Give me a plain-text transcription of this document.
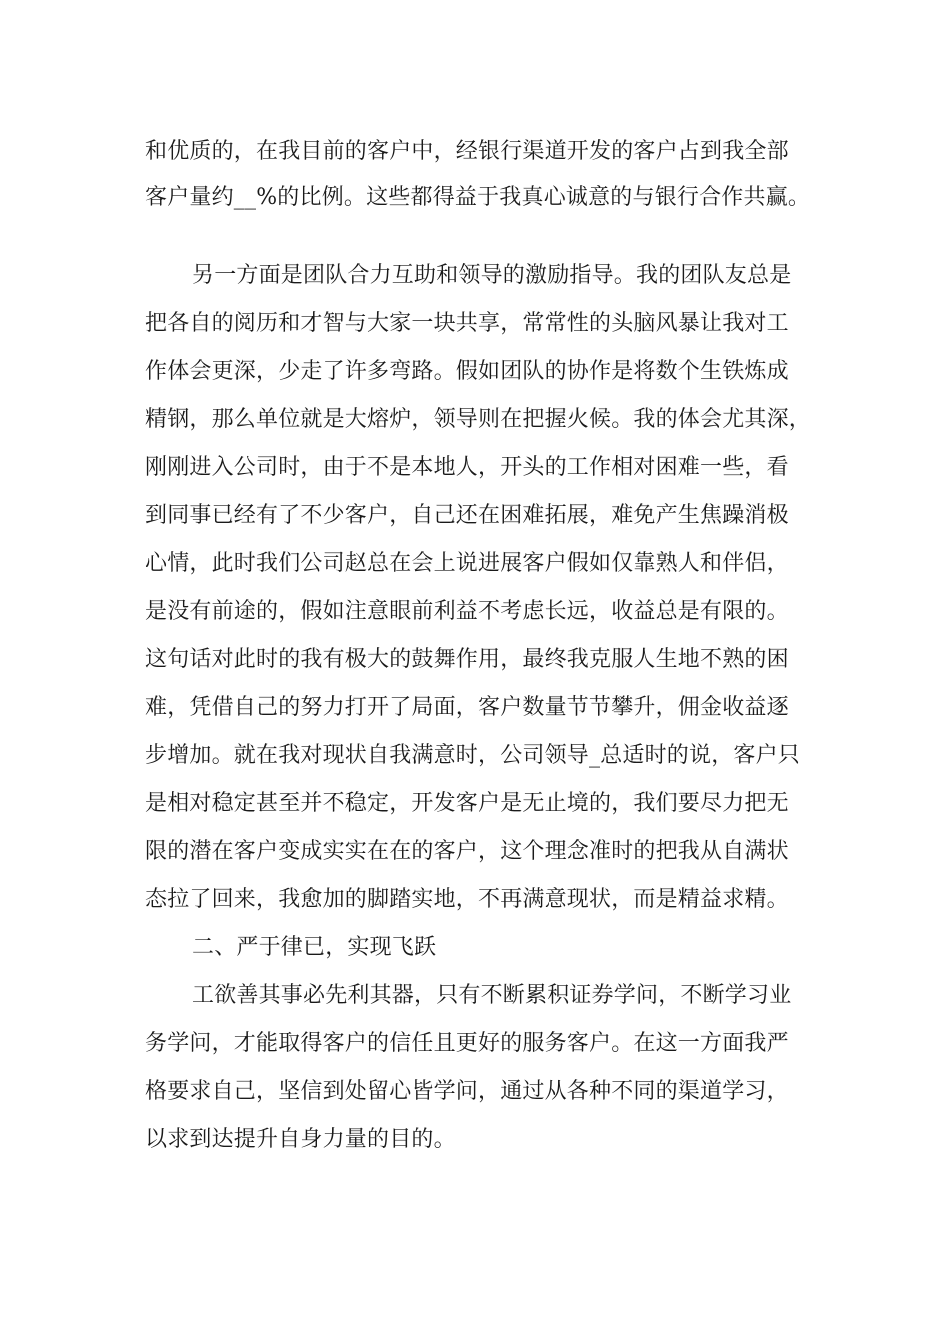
和优质的，在我目前的客户中，经银行渠道开发的客户占到我全部
客户量约__%的比例。这些都得益于我真心诚意的与银行合作共赢。
另一方面是团队合力互助和领导的激励指导。我的团队友总是
把各自的阅历和才智与大家一块共享，常常性的头脑风暴让我对工
作体会更深，少走了许多弯路。假如团队的协作是将数个生铁炼成
精钢，那么单位就是大熔炉，领导则在把握火候。我的体会尤其深，
刚刚进入公司时，由于不是本地人，开头的工作相对困难一些，看
到同事已经有了不少客户，自己还在困难拓展，难免产生焦躁消极
心情，此时我们公司赵总在会上说进展客户假如仅靠熟人和伴侣，
是没有前途的，假如注意眼前利益不考虑长远，收益总是有限的。
这句话对此时的我有极大的鼓舞作用，最终我克服人生地不熟的困
难，凭借自己的努力打开了局面，客户数量节节攀升，佣金收益逐
步增加。就在我对现状自我满意时，公司领导_总适时的说，客户只
是相对稳定甚至并不稳定，开发客户是无止境的，我们要尽力把无
限的潜在客户变成实实在在的客户，这个理念准时的把我从自满状
态拉了回来，我愈加的脚踏实地，不再满意现状，而是精益求精。
二、严于律已，实现飞跃
工欲善其事必先利其器，只有不断累积证券学问，不断学习业
务学问，才能取得客户的信任且更好的服务客户。在这一方面我严
格要求自己，坚信到处留心皆学问，通过从各种不同的渠道学习，
以求到达提升自身力量的目的。
